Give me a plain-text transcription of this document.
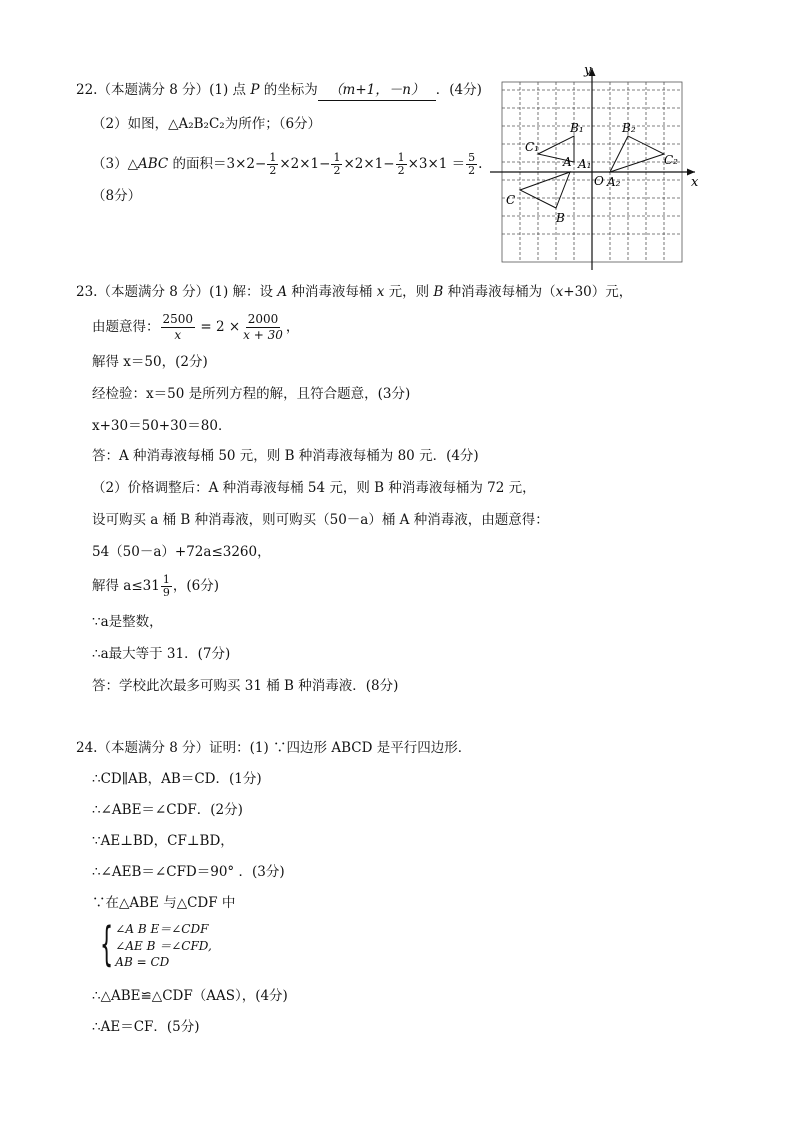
22.（本题满分 8 分）(1) 点 P 的坐标为 （m+1，－n） ．(4分)
（2）如图，△A₂B₂C₂为所作；（6分）
（3）△ABC 的面积$=3\times 2- \frac{1}{2} \times 2\times 1- \frac{1}{2} \times 2\times 1- \frac{1}{2} \times 3\times 1 = \frac{5}{2}$ .
（8分）
x
y
O
C₁
B₁
A₁
B₂
C₂
A₂
A
B
C
23.（本题满分 8 分）(1) 解：设 A 种消毒液每桶 x 元，则 B 种消毒液每桶为（x+30）元，
由题意得： $\frac{2500}{x} = 2 \times \frac{2000}{x + 30}$ ，
解得 x＝50，(2分)
经检验：x＝50 是所列方程的解，且符合题意，(3分)
x+30＝50+30＝80．
答：A 种消毒液每桶 50 元，则 B 种消毒液每桶为 80 元．(4分)
（2）价格调整后：A 种消毒液每桶 54 元，则 B 种消毒液每桶为 72 元，
设可购买 a 桶 B 种消毒液，则可购买（50－a）桶 A 种消毒液，由题意得：
54（50－a）+72a≤3260，
解得 $a\le 31 \frac{1}{9}$ ，(6分)
∵a是整数，
∴a最大等于 31．(7分)
答：学校此次最多可购买 31 桶 B 种消毒液．(8分)
24.（本题满分 8 分）证明：(1) ∵四边形 ABCD 是平行四边形．
∴CD∥AB，AB＝CD．(1分)
∴∠ABE＝∠CDF．(2分)
∵AE⊥BD，CF⊥BD，
∴∠AEB＝∠CFD＝90° ．(3分)
∵在△ABE 与△CDF 中
{ ∠A B E＝∠CDF
∠AE B ＝∠CFD,
AB = CD
∴△ABE≌△CDF（AAS），(4分)
∴AE＝CF．(5分)
